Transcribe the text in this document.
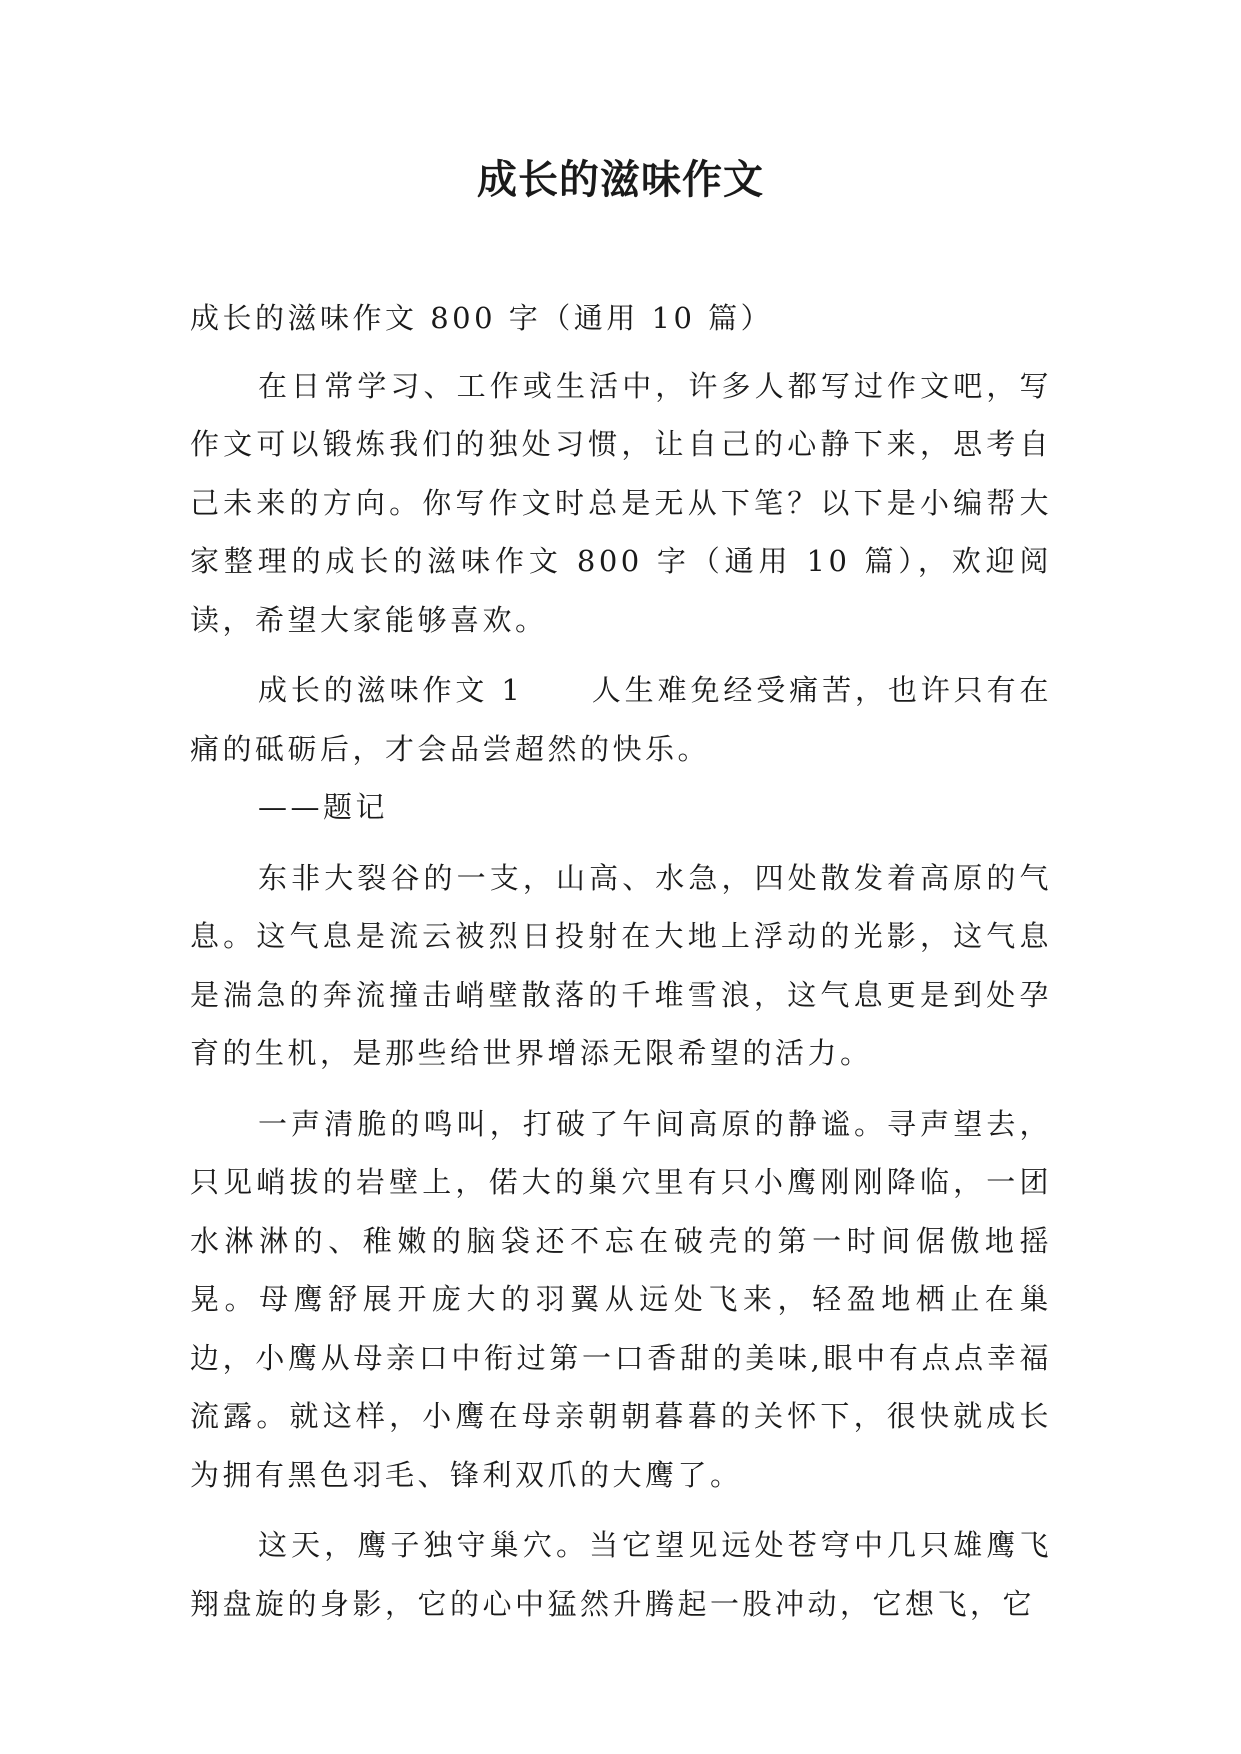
成长的滋味作文

成长的滋味作文 800 字（通用 10 篇）

在日常学习、工作或生活中，许多人都写过作文吧，写作文可以锻炼我们的独处习惯，让自己的心静下来，思考自己未来的方向。你写作文时总是无从下笔？以下是小编帮大家整理的成长的滋味作文 800 字（通用 10 篇），欢迎阅读，希望大家能够喜欢。

成长的滋味作文 1 人生难免经受痛苦，也许只有在痛的砥砺后，才会品尝超然的快乐。

——题记

东非大裂谷的一支，山高、水急，四处散发着高原的气息。这气息是流云被烈日投射在大地上浮动的光影，这气息是湍急的奔流撞击峭壁散落的千堆雪浪，这气息更是到处孕育的生机，是那些给世界增添无限希望的活力。

一声清脆的鸣叫，打破了午间高原的静谧。寻声望去，只见峭拔的岩壁上，偌大的巢穴里有只小鹰刚刚降临，一团水淋淋的、稚嫩的脑袋还不忘在破壳的第一时间倨傲地摇晃。母鹰舒展开庞大的羽翼从远处飞来，轻盈地栖止在巢边，小鹰从母亲口中衔过第一口香甜的美味,眼中有点点幸福流露。就这样，小鹰在母亲朝朝暮暮的关怀下，很快就成长为拥有黑色羽毛、锋利双爪的大鹰了。

这天，鹰子独守巢穴。当它望见远处苍穹中几只雄鹰飞翔盘旋的身影，它的心中猛然升腾起一股冲动，它想飞，它
